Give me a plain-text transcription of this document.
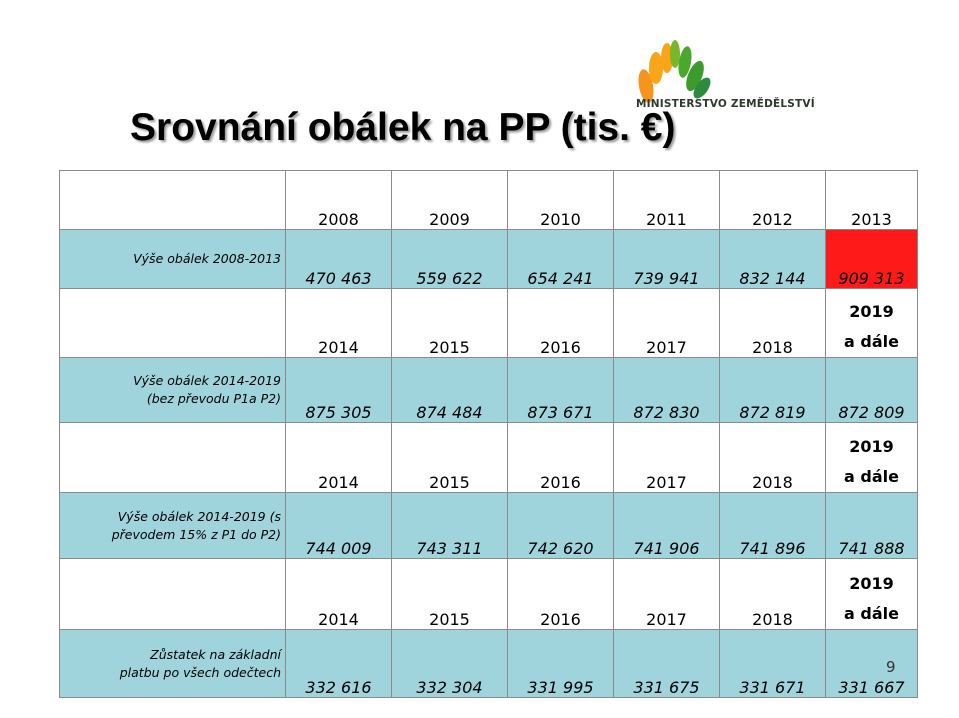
MINISTERSTVO ZEMĚDĚLSTVÍ
Srovnání obálek na PP (tis. €)
	2008	2009	2010	2011	2012	2013
Výše obálek 2008-2013	470 463	559 622	654 241	739 941	832 144	909 313
	2014	2015	2016	2017	2018	2019
a dále

Výše obálek 2014-2019
(bez převodu P1a P2)	875 305	874 484	873 671	872 830	872 819	872 809
	2014	2015	2016	2017	2018	2019
a dále

Výše obálek 2014-2019 (s
převodem 15% z P1 do P2)	744 009	743 311	742 620	741 906	741 896	741 888
	2014	2015	2016	2017	2018	2019
a dále

Zůstatek na základní
platbu po všech odečtech	332 616	332 304	331 995	331 675	331 671	331 667
9
